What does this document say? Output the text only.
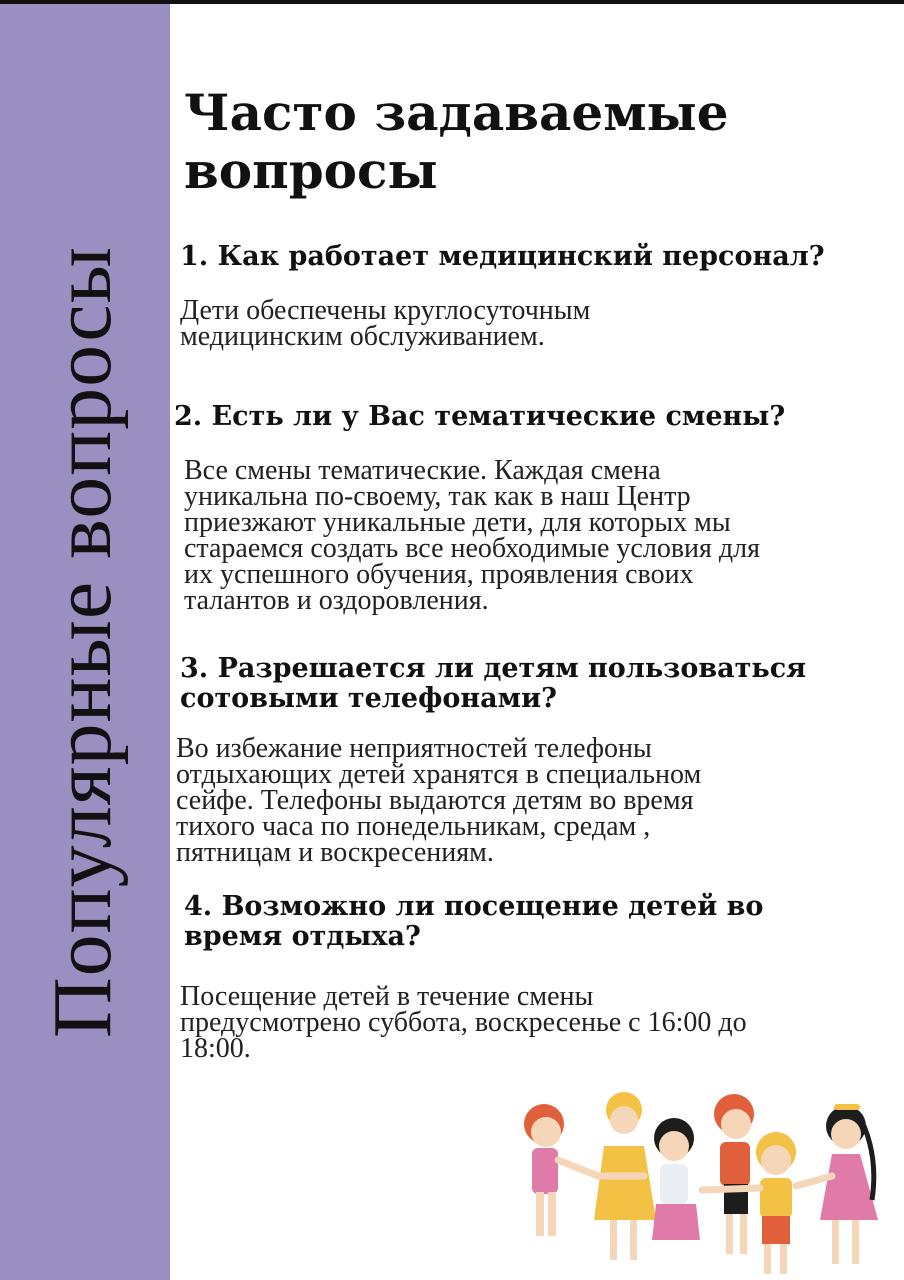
Популярные вопросы
Часто задаваемые вопросы

1. Как работает медицинский персонал?

Дети обеспечены круглосуточным
медицинским обслуживанием.

2. Есть ли у Вас тематические смены?

Все смены тематические. Каждая смена
уникальна по-своему, так как в наш Центр
приезжают уникальные дети, для которых мы
стараемся создать все необходимые условия для
их успешного обучения, проявления своих
талантов и оздоровления.

3. Разрешается ли детям пользоваться
сотовыми телефонами?

Во избежание неприятностей телефоны
отдыхающих детей хранятся в специальном
сейфе. Телефоны выдаются детям во время
тихого часа по понедельникам, средам ,
пятницам и воскресениям.

4. Возможно ли посещение детей во
время отдыха?

Посещение детей в течение смены
предусмотрено суббота, воскресенье с 16:00 до
18:00.
